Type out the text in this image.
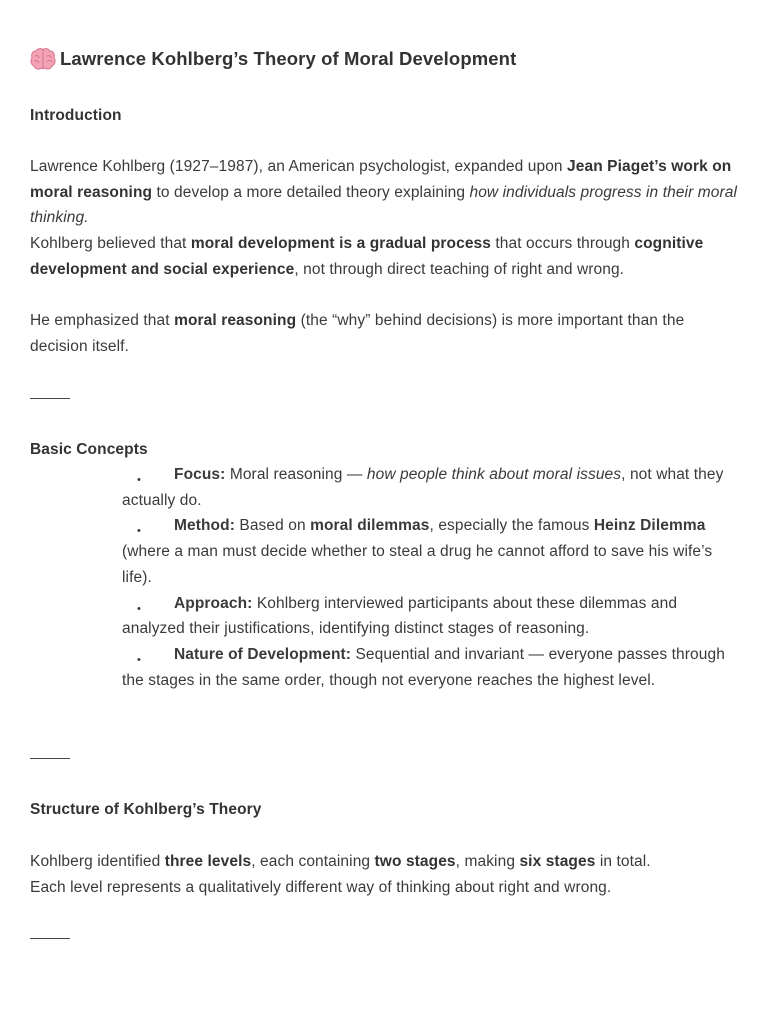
Lawrence Kohlberg’s Theory of Moral Development
Introduction
Lawrence Kohlberg (1927–1987), an American psychologist, expanded upon Jean Piaget’s work on moral reasoning to develop a more detailed theory explaining how individuals progress in their moral thinking.
Kohlberg believed that moral development is a gradual process that occurs through cognitive development and social experience, not through direct teaching of right and wrong.
He emphasized that moral reasoning (the “why” behind decisions) is more important than the decision itself.
Basic Concepts
• Focus: Moral reasoning — how people think about moral issues, not what they actually do.
• Method: Based on moral dilemmas, especially the famous Heinz Dilemma (where a man must decide whether to steal a drug he cannot afford to save his wife’s life).
• Approach: Kohlberg interviewed participants about these dilemmas and analyzed their justifications, identifying distinct stages of reasoning.
• Nature of Development: Sequential and invariant — everyone passes through the stages in the same order, though not everyone reaches the highest level.
Structure of Kohlberg’s Theory
Kohlberg identified three levels, each containing two stages, making six stages in total.
Each level represents a qualitatively different way of thinking about right and wrong.
